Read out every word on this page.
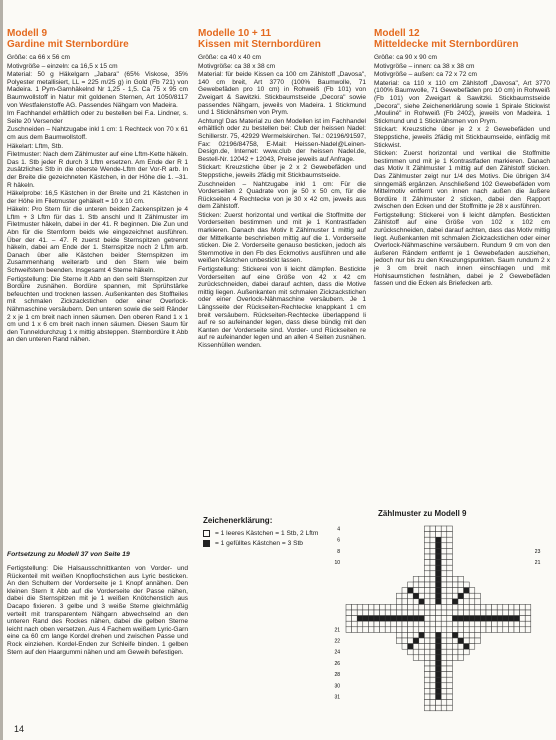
Modell 9
Gardine mit Sternbordüre

Größe: ca 66 x 56 cm

Motivgröße – einzeln: ca 16,5 x 15 cm

Material: 50 g Häkelgarn „Jabara" (65% Viskose, 35% Polyester metallisiert, LL = 225 m/25 g) in Gold (Fb 721) von Madeira. 1 Pym-Garnhäkelnd Nr 1,25 - 1,5. Ca 75 x 95 cm Baumwollstoff in Natur mit goldenen Sternen, Art 1050/8117 von Westfalenstoffe AG. Passendes Nähgarn von Madeira.

Im Fachhandel erhältlich oder zu bestellen bei F.a. Lindner, s. Seite 20 Versender

Zuschneiden – Nahtzugabe inkl 1 cm: 1 Rechteck von 70 x 61 cm aus dem Baumwollstoff.

Häkelart: Lftm, Stb.

Filetmuster: Nach dem Zählmuster auf eine Lftm-Kette häkeln. Das 1. Stb jeder R durch 3 Lftm ersetzen. Am Ende der R 1 zusätzliches Stb in die oberste Wende-Lftm der Vor-R arb. In der Breite die gezeichneten Kästchen, in der Höhe die 1. –31. R häkeln.

Häkelprobe: 16,5 Kästchen in der Breite und 21 Kästchen in der Höhe im Filetmuster gehäkelt = 10 x 10 cm.

Häkeln: Pro Stern für die unteren beiden Zackenspitzen je 4 Lftm + 3 Lftm für das 1. Stb anschl und lt Zählmuster im Filetmuster häkeln, dabei in der 41. R beginnen. Die Zun und Abn für die Sternform beids wie eingezeichnet ausführen. Über der 41. – 47. R zuerst beide Sternspitzen getrennt häkeln, dabei am Ende der 1. Sternspitze noch 2 Lftm arb. Danach über alle Kästchen beider Sternspitzen im Zusammenhang weiterarb und den Stern wie beim Schweifstern beenden. Insgesamt 4 Sterne häkeln.

Fertigstellung: Die Sterne lt Abb an den seitl Sternspitzen zur Bordüre zusnähen. Bordüre spannen, mit Sprühstärke befeuchten und trocknen lassen. Außenkanten des Stoffteiles mit schmalen Zickzackstichen oder einer Overlock-Nähmaschine versäubern. Den unteren sowie die seitl Ränder 2 x je 1 cm breit nach innen säumen. Den oberen Rand 1 x 1 cm und 1 x 6 cm breit nach innen säumen. Diesen Saum für den Tunneldurchzug 1 x mittig absteppen. Sternbordüre lt Abb an den unteren Rand nähen.

Modelle 10 + 11
Kissen mit Sternbordüren

Größe: ca 40 x 40 cm

Motivgröße: ca 38 x 38 cm

Material: für beide Kissen ca 100 cm Zählstoff „Davosa", 140 cm breit, Art 3770 (100% Baumwolle, 71 Gewebefäden pro 10 cm) in Rohweiß (Fb 101) von Zweigart & Sawitzki. Stickbaumstseide „Decora" sowie passendes Nähgarn, jeweils von Madeira. 1 Stickmund und 1 Sticknähsmen von Prym.

Achtung! Das Material zu den Modellen ist im Fachhandel erhältlich oder zu bestellen bei: Club der heissen Nadel: Schillerstr. 75, 42929 Wermelskirchen. Tel.: 02196/91597, Fax: 02196/84758, E-Mail: Heissen-Nadel@Leinen-Design.de, Internet: www.club der heissen Nadel.de, Bestell-Nr. 12042 + 12043, Preise jeweils auf Anfrage.

Stickart: Kreuzstiche über je 2 x 2 Gewebefäden und Steppstiche, jeweils 2fädig mit Stickbaumstseide.

Zuschneiden – Nahtzugabe inkl 1 cm: Für die Vorderseiten 2 Quadrate von je 50 x 50 cm, für die Rückseiten 4 Rechtecke von je 30 x 42 cm, jeweils aus dem Zählstoff.

Sticken: Zuerst horizontal und vertikal die Stoffmitte der Vorderseiten bestimmen und mit je 1 Kontrastfaden markieren. Danach das Motiv lt Zählmuster 1 mittig auf der Mittelkante beschrieben mittig auf die 1. Vorderseite sticken. Die 2. Vorderseite genauso besticken, jedoch als Sternmotive in den Fb des Eckmotivs ausführen und alle weißen Kästchen unbestickt lassen.

Fertigstellung: Stickerei von li leicht dämpfen. Bestickte Vorderseiten auf eine Größe von 42 x 42 cm zurückschneiden, dabei darauf achten, dass die Motive mittig liegen. Außenkanten mit schmalen Zickzackstichen oder einer Overlock-Nähmaschine versäubern. Je 1 Längsseite der Rückseiten-Rechtecke knappkant 1 cm breit versäubern. Rückseiten-Rechtecke überlappend li auf re so aufeinander legen, dass diese bündig mit den Kanten der Vorderseite sind. Vorder- und Rückseiten re auf re aufeinander legen und an allen 4 Seiten zusnähen. Kissenhüllen wenden.

Modell 12
Mitteldecke mit Sternbordüren

Größe: ca 90 x 90 cm

Motivgröße – innen: ca 38 x 38 cm

Motivgröße – außen: ca 72 x 72 cm

Material: ca 110 x 110 cm Zählstoff „Davosa", Art 3770 (100% Baumwolle, 71 Gewebefäden pro 10 cm) in Rohweiß (Fb 101) von Zweigart & Sawitzki. Stickbaumstseide „Decora", siehe Zeichenerklärung sowie 1 Spirale Stickwist „Mouliné" in Rohweiß (Fb 2402), jeweils von Madeira. 1 Stickmund und 1 Sticknähsmen von Prym.

Stickart: Kreuzstiche über je 2 x 2 Gewebefäden und Steppstiche, jeweils 2fädig mit Stickbaumseide, einfädig mit Stickwist.

Sticken: Zuerst horizontal und vertikal die Stoffmitte bestimmen und mit je 1 Kontrastfaden markieren. Danach das Motiv lt Zählmuster 1 mittig auf den Zählstoff sticken. Das Zählmuster zeigt nur 1/4 des Motivs. Die übrigen 3/4 sinngemäß ergänzen. Anschließend 102 Gewebefäden vom Mittelmotiv entfernt von innen nach außen die äußere Bordüre lt Zählmuster 2 sticken, dabei den Rapport zwischen den Ecken und der Stoffmitte je 28 x ausführen.

Fertigstellung: Stickerei von li leicht dämpfen. Bestickten Zählstoff auf eine Größe von 102 x 102 cm zurückschneiden, dabei darauf achten, dass das Motiv mittig liegt. Außenkanten mit schmalen Zickzackstichen oder einer Overlock-Nähmaschine versäubern. Rundum 9 cm von den äußeren Rändern entfernt je 1 Gewebefaden ausziehen, jedoch nur bis zu den Kreuzungspunkten. Saum rundum 2 x je 3 cm breit nach innen einschlagen und mit Hohlsaumstichen festnähen, dabei je 2 Gewebefäden fassen und die Ecken als Briefecken arb.

Fortsetzung zu Modell 37 von Seite 19
Fertigstellung: Die Halsausschnittkanten von Vorder- und Rückenteil mit weißen Knopflochstichen aus Lyric besticken. An den Schultern der Vorderseite je 1 Knopf annähen. Den kleinen Stern lt Abb auf die Vorderseite der Passe nähen, dabei die Sternspitzen mit je 1 weißen Knötchenstich aus Dacapo fixieren. 3 gelbe und 3 weiße Sterne gleichmäßig verteilt mit transparentem Nähgarn abwechselnd an den unteren Rand des Rockes nähen, dabei die gelben Sterne leicht nach oben versetzen. Aus 4 Fachem weißem Lyric-Garn eine ca 60 cm lange Kordel drehen und zwischen Passe und Rock einziehen. Kordel-Enden zur Schleife binden. 1 gelben Stern auf den Haargummi nähen und am Geweih befestigen.
Zeichenerklärung:
= 1 leeres Kästchen = 1 Stb, 2 Lftm
= 1 gefülltes Kästchen = 3 Stb
Zählmuster zu Modell 9
31
30
28
26
24
22
21
10
8
6
4
23
21
14
